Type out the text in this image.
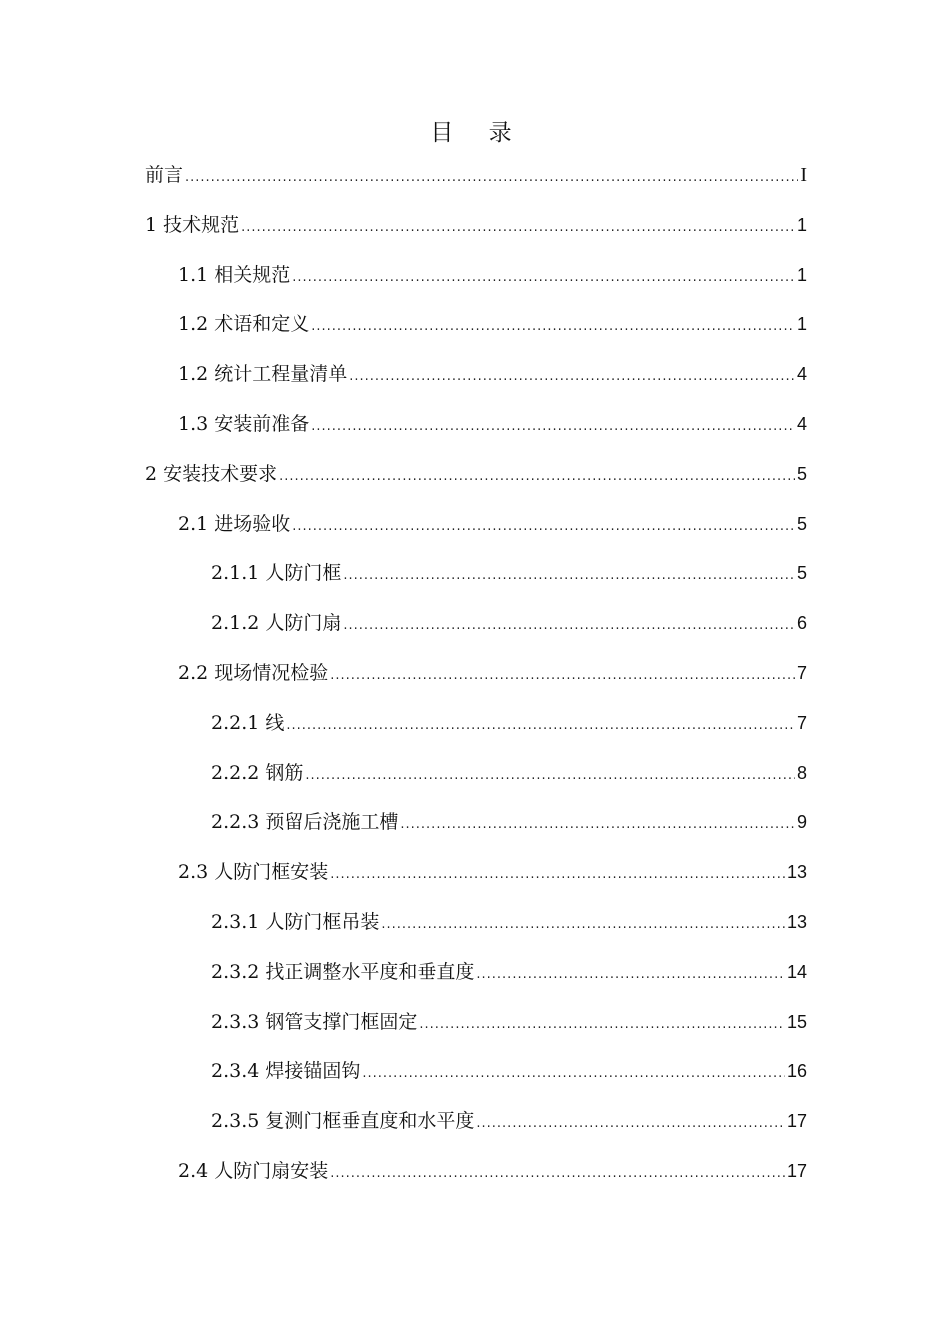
目 录
前言 .....	I
1 技术规范 .....	1
1.1 相关规范 .....	1
1.2 术语和定义 .....	1
1.2 统计工程量清单 .....	4
1.3 安装前准备 .....	4
2 安装技术要求 .....	5
2.1 进场验收 .....	5
2.1.1 人防门框 .....	5
2.1.2 人防门扇 .....	6
2.2 现场情况检验 .....	7
2.2.1 线 .....	7
2.2.2 钢筋 .....	8
2.2.3 预留后浇施工槽 .....	9
2.3 人防门框安装 .....	13
2.3.1 人防门框吊装 .....	13
2.3.2 找正调整水平度和垂直度 .....	14
2.3.3 钢管支撑门框固定 .....	15
2.3.4 焊接锚固钩 .....	16
2.3.5 复测门框垂直度和水平度 .....	17
2.4 人防门扇安装 .....	17
